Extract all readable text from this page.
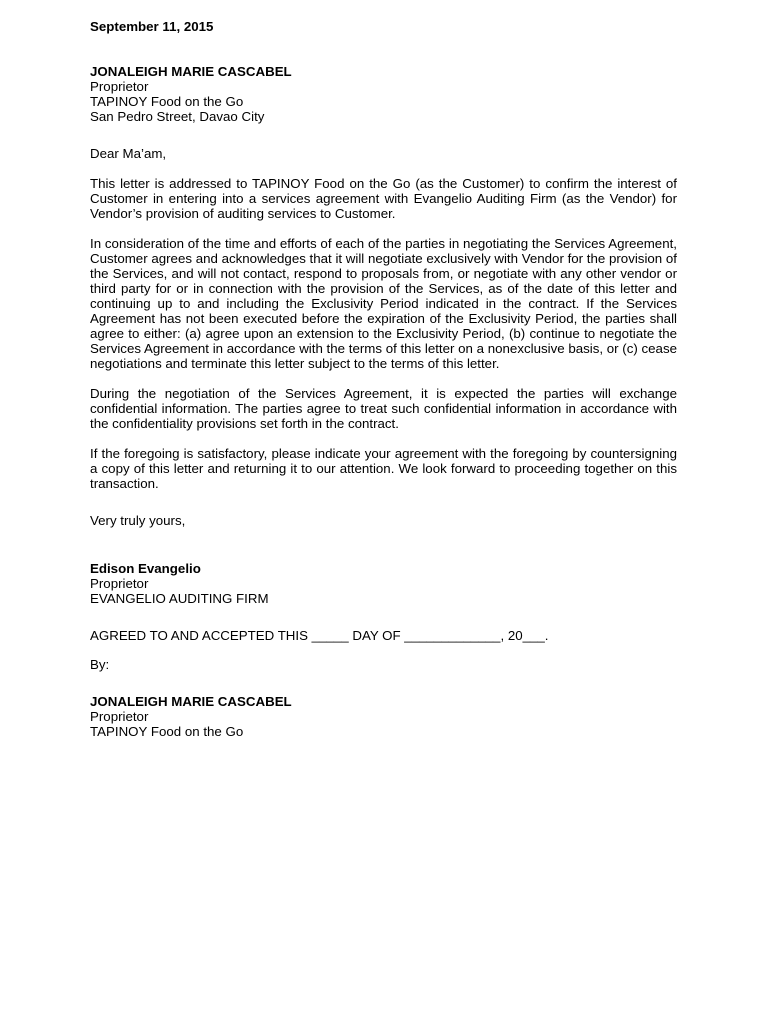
September 11, 2015
JONALEIGH MARIE CASCABEL
Proprietor
TAPINOY Food on the Go
San Pedro Street, Davao City
Dear Ma’am,
This letter is addressed to TAPINOY Food on the Go (as the Customer) to confirm the interest of Customer in entering into a services agreement with Evangelio Auditing Firm (as the Vendor) for Vendor’s provision of auditing services to Customer.
In consideration of the time and efforts of each of the parties in negotiating the Services Agreement, Customer agrees and acknowledges that it will negotiate exclusively with Vendor for the provision of the Services, and will not contact, respond to proposals from, or negotiate with any other vendor or third party for or in connection with the provision of the Services, as of the date of this letter and continuing up to and including the Exclusivity Period indicated in the contract. If the Services Agreement has not been executed before the expiration of the Exclusivity Period, the parties shall agree to either: (a) agree upon an extension to the Exclusivity Period, (b) continue to negotiate the Services Agreement in accordance with the terms of this letter on a nonexclusive basis, or (c) cease negotiations and terminate this letter subject to the terms of this letter.
During the negotiation of the Services Agreement, it is expected the parties will exchange confidential information. The parties agree to treat such confidential information in accordance with the confidentiality provisions set forth in the contract.
If the foregoing is satisfactory, please indicate your agreement with the foregoing by countersigning a copy of this letter and returning it to our attention. We look forward to proceeding together on this transaction.
Very truly yours,
Edison Evangelio
Proprietor
EVANGELIO AUDITING FIRM
AGREED TO AND ACCEPTED THIS _____ DAY OF _____________, 20___.
By:
JONALEIGH MARIE CASCABEL
Proprietor
TAPINOY Food on the Go
